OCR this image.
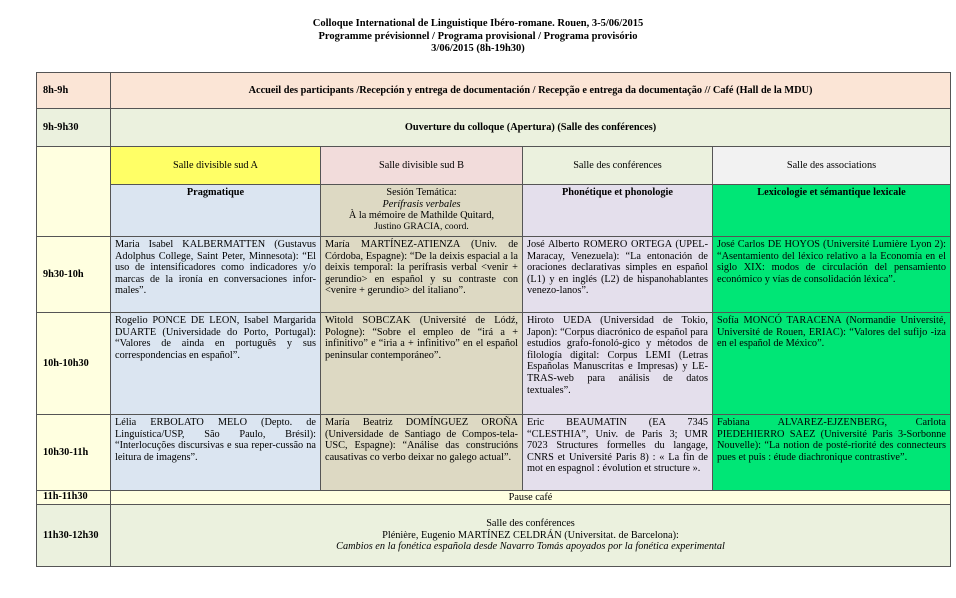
Colloque International de Linguistique Ibéro-romane. Rouen, 3-5/06/2015
Programme prévisionnel / Programa provisional / Programa provisório
3/06/2015 (8h-19h30)
8h-9h	Accueil des participants /Recepción y entrega de documentación / Recepção e entrega da documentação // Café (Hall de la MDU)			
9h-9h30	Ouverture du colloque (Apertura) (Salle des conférences)			
	Salle divisible sud A	Salle divisible sud B	Salle des conférences	Salle des associations
	Pragmatique	Sesión Temática:
Perífrasis verbales
À la mémoire de Mathilde Quitard,
Justino GRACIA, coord.	Phonétique et phonologie	Lexicologie et sémantique lexicale
9h30-10h	Maria Isabel KALBERMATTEN (Gustavus Adolphus College, Saint Peter, Minnesota): “El uso de intensificadores como indicadores y/o marcas de la ironía en conversaciones infor-males”.	María MARTÍNEZ-ATIENZA (Univ. de Córdoba, Espagne): “De la deixis espacial a la deixis temporal: la perífrasis verbal <venir + gerundio> en español y su contraste con <venire + gerundio> del italiano”.	José Alberto ROMERO ORTEGA (UPEL-Maracay, Venezuela): “La entonación de oraciones declarativas simples en español (L1) y en inglés (L2) de hispanohablantes venezo-lanos”.	José Carlos DE HOYOS (Université Lumière Lyon 2): “Asentamiento del léxico relativo a la Economía en el siglo XIX: modos de circulación del pensamiento económico y vías de consolidación léxica”.
10h-10h30	Rogelio PONCE DE LEON, Isabel Margarida DUARTE (Universidade do Porto, Portugal): “Valores de ainda en português y sus correspondencias en español”.	Witold SOBCZAK (Université de Lódź, Pologne): “Sobre el empleo de “irá a + infinitivo” e “iria a + infinitivo” en el español peninsular contemporáneo”.	Hiroto UEDA (Universidad de Tokio, Japon): “Corpus diacrónico de español para estudios grafo-fonoló-gico y métodos de filología digital: Corpus LEMI (Letras Españolas Manuscritas e Impresas) y LE-TRAS-web para análisis de datos textuales”.	Sofía MONCÓ TARACENA (Normandie Université, Université de Rouen, ERIAC): “Valores del sufijo -iza en el español de México”.
10h30-11h	Lélia ERBOLATO MELO (Depto. de Linguística/USP, São Paulo, Brésil): “Interlocuções discursivas e sua reper-cussão na leitura de imagens”.	María Beatriz DOMÍNGUEZ OROÑA (Universidade de Santiago de Compos-tela-USC, Espagne): “Análise das construcións causativas co verbo deixar no galego actual”.	Eric BEAUMATIN (EA 7345 “CLESTHIA”, Univ. de Paris 3; UMR 7023 Structures formelles du langage, CNRS et Université Paris 8) : « La fin de mot en espagnol : évolution et structure ».	Fabiana ALVAREZ-EJZENBERG, Carlota PIEDEHIERRO SAEZ (Université Paris 3-Sorbonne Nouvelle): “La notion de posté-riorité des connecteurs pues et puis : étude diachronique contrastive”.
11h-11h30	Pause café			
11h30-12h30	Salle des conférences
Plénière, Eugenio MARTÍNEZ CELDRÁN (Universitat. de Barcelona):
Cambios en la fonética española desde Navarro Tomás apoyados por la fonética experimental			
